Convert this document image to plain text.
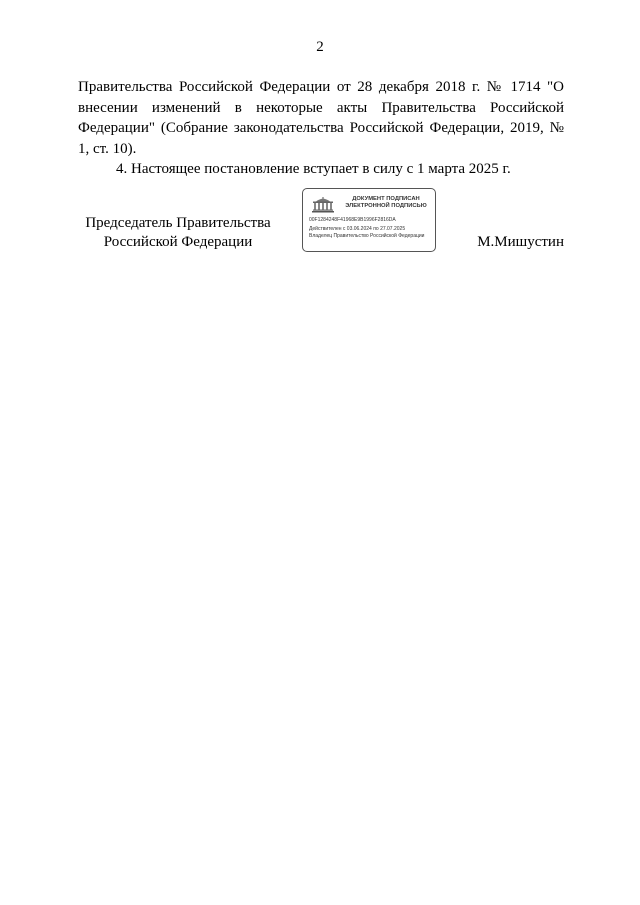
2

Правительства Российской Федерации от 28 декабря 2018 г. № 1714 "О внесении изменений в некоторые акты Правительства Российской Федерации" (Собрание законодательства Российской Федерации, 2019, № 1, ст. 10).

4. Настоящее постановление вступает в силу с 1 марта 2025 г.

Председатель Правительства
Российской Федерации
ДОКУМЕНТ ПОДПИСАН
ЭЛЕКТРОННОЙ ПОДПИСЬЮ
00F1284248F41968E9B1996F2816DA
Действителен с 03.06.2024 по 27.07.2025
Владелец Правительство Российской Федерации	М.Мишустин
